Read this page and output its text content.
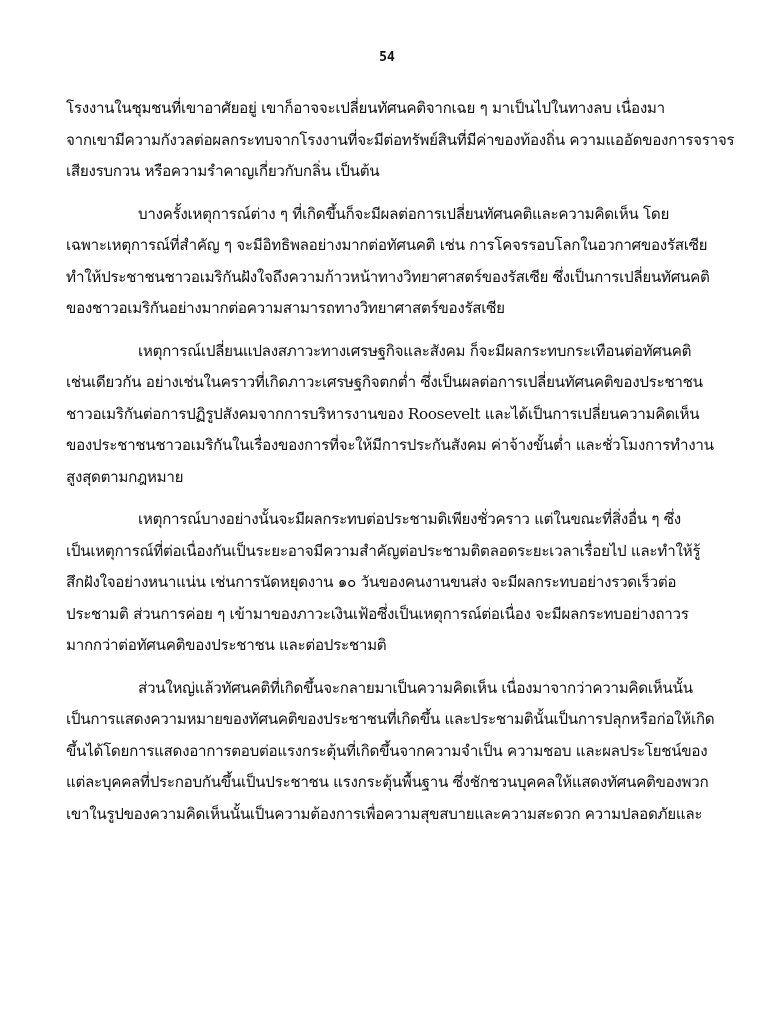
54

โรงงานในชุมชนที่เขาอาศัยอยู่ เขาก็อาจจะเปลี่ยนทัศนคติจากเฉย ๆ มาเป็นไปในทางลบ เนื่องมา
จากเขามีความกังวลต่อผลกระทบจากโรงงานที่จะมีต่อทรัพย์สินที่มีค่าของท้องถิ่น ความแออัดของการจราจร
เสียงรบกวน หรือความรำคาญเกี่ยวกับกลิ่น เป็นต้น

บางครั้งเหตุการณ์ต่าง ๆ ที่เกิดขึ้นก็จะมีผลต่อการเปลี่ยนทัศนคติและความคิดเห็น โดย
เฉพาะเหตุการณ์ที่สำคัญ ๆ จะมีอิทธิพลอย่างมากต่อทัศนคติ เช่น การโคจรรอบโลกในอวกาศของรัสเซีย
ทำให้ประชาชนชาวอเมริกันฝังใจถึงความก้าวหน้าทางวิทยาศาสตร์ของรัสเซีย ซึ่งเป็นการเปลี่ยนทัศนคติ
ของชาวอเมริกันอย่างมากต่อความสามารถทางวิทยาศาสตร์ของรัสเซีย

เหตุการณ์เปลี่ยนแปลงสภาวะทางเศรษฐกิจและสังคม ก็จะมีผลกระทบกระเทือนต่อทัศนคติ
เช่นเดียวกัน อย่างเช่นในคราวที่เกิดภาวะเศรษฐกิจตกต่ำ ซึ่งเป็นผลต่อการเปลี่ยนทัศนคติของประชาชน
ชาวอเมริกันต่อการปฏิรูปสังคมจากการบริหารงานของ Roosevelt และได้เป็นการเปลี่ยนความคิดเห็น
ของประชาชนชาวอเมริกันในเรื่องของการที่จะให้มีการประกันสังคม ค่าจ้างขั้นต่ำ และชั่วโมงการทำงาน
สูงสุดตามกฎหมาย

เหตุการณ์บางอย่างนั้นจะมีผลกระทบต่อประชามติเพียงชั่วคราว แต่ในขณะที่สิ่งอื่น ๆ ซึ่ง
เป็นเหตุการณ์ที่ต่อเนื่องกันเป็นระยะอาจมีความสำคัญต่อประชามติตลอดระยะเวลาเรื่อยไป และทำให้รู้
สึกฝังใจอย่างหนาแน่น เช่นการนัดหยุดงาน ๑๐ วันของคนงานขนส่ง จะมีผลกระทบอย่างรวดเร็วต่อ
ประชามติ ส่วนการค่อย ๆ เข้ามาของภาวะเงินเฟ้อซึ่งเป็นเหตุการณ์ต่อเนื่อง จะมีผลกระทบอย่างถาวร
มากกว่าต่อทัศนคติของประชาชน และต่อประชามติ

ส่วนใหญ่แล้วทัศนคติที่เกิดขึ้นจะกลายมาเป็นความคิดเห็น เนื่องมาจากว่าความคิดเห็นนั้น
เป็นการแสดงความหมายของทัศนคติของประชาชนที่เกิดขึ้น และประชามตินั้นเป็นการปลุกหรือก่อให้เกิด
ขึ้นได้โดยการแสดงอาการตอบต่อแรงกระตุ้นที่เกิดขึ้นจากความจำเป็น ความชอบ และผลประโยชน์ของ
แต่ละบุคคลที่ประกอบกันขึ้นเป็นประชาชน แรงกระตุ้นพื้นฐาน ซึ่งชักชวนบุคคลให้แสดงทัศนคติของพวก
เขาในรูปของความคิดเห็นนั้นเป็นความต้องการเพื่อความสุขสบายและความสะดวก ความปลอดภัยและ
